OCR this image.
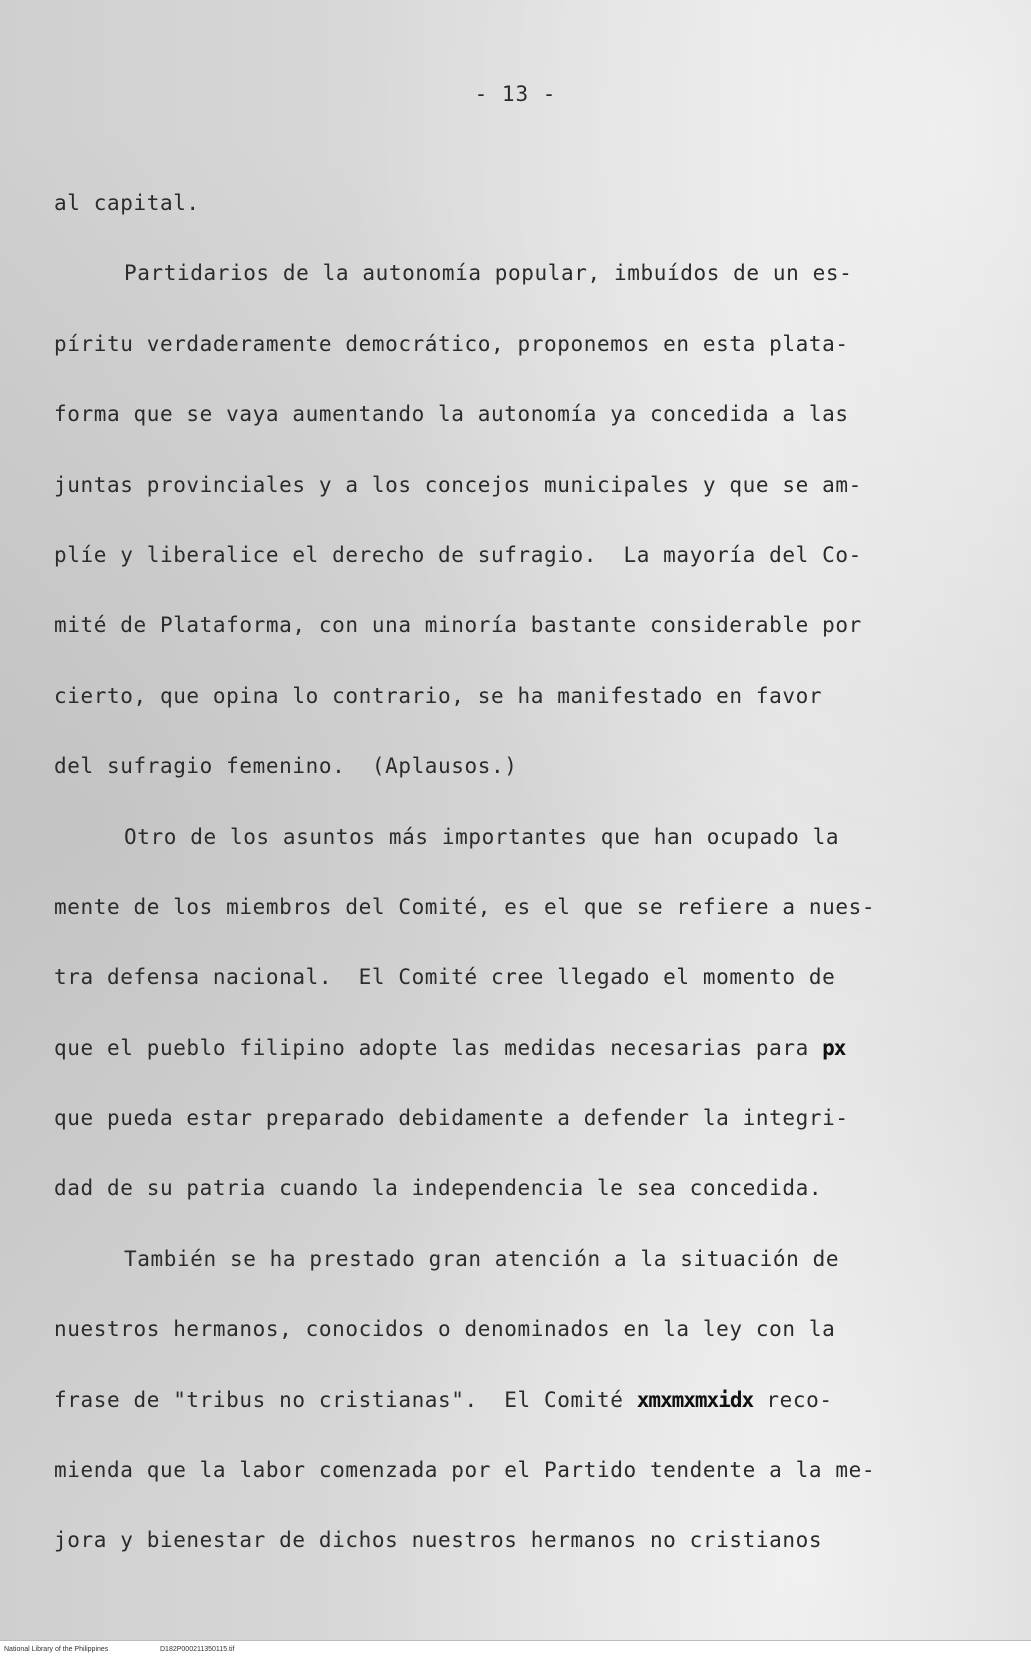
- 13 -
al capital.
Partidarios de la autonomía popular, imbuídos de un es-
píritu verdaderamente democrático, proponemos en esta plata-
forma que se vaya aumentando la autonomía ya concedida a las
juntas provinciales y a los concejos municipales y que se am-
plíe y liberalice el derecho de sufragio.  La mayoría del Co-
mité de Plataforma, con una minoría bastante considerable por
cierto, que opina lo contrario, se ha manifestado en favor
del sufragio femenino.  (Aplausos.)
Otro de los asuntos más importantes que han ocupado la
mente de los miembros del Comité, es el que se refiere a nues-
tra defensa nacional.  El Comité cree llegado el momento de
que el pueblo filipino adopte las medidas necesarias para px
que pueda estar preparado debidamente a defender la integri-
dad de su patria cuando la independencia le sea concedida.
También se ha prestado gran atención a la situación de
nuestros hermanos, conocidos o denominados en la ley con la
frase de "tribus no cristianas".  El Comité xmxmxmxidx reco-
mienda que la labor comenzada por el Partido tendente a la me-
jora y bienestar de dichos nuestros hermanos no cristianos
National Library of the Philippines	D182P000211350115.tif
